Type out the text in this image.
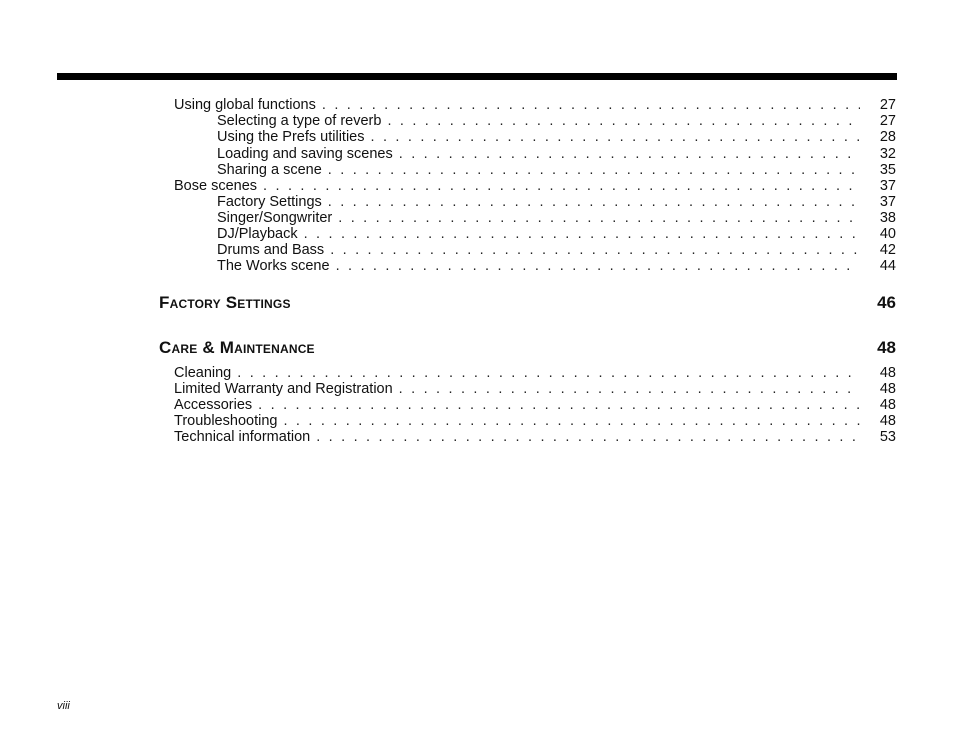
Using global functions . . .	27
Selecting a type of reverb . . .	27
Using the Prefs utilities . . .	28
Loading and saving scenes . . .	32
Sharing a scene . . .	35
Bose scenes . . .	37
Factory Settings . . .	37
Singer/Songwriter . . .	38
DJ/Playback . . .	40
Drums and Bass . . .	42
The Works scene . . .	44
Factory Settings	46
Care & Maintenance	48
Cleaning . . .	48
Limited Warranty and Registration . . .	48
Accessories . . .	48
Troubleshooting . . .	48
Technical information . . .	53
viii
